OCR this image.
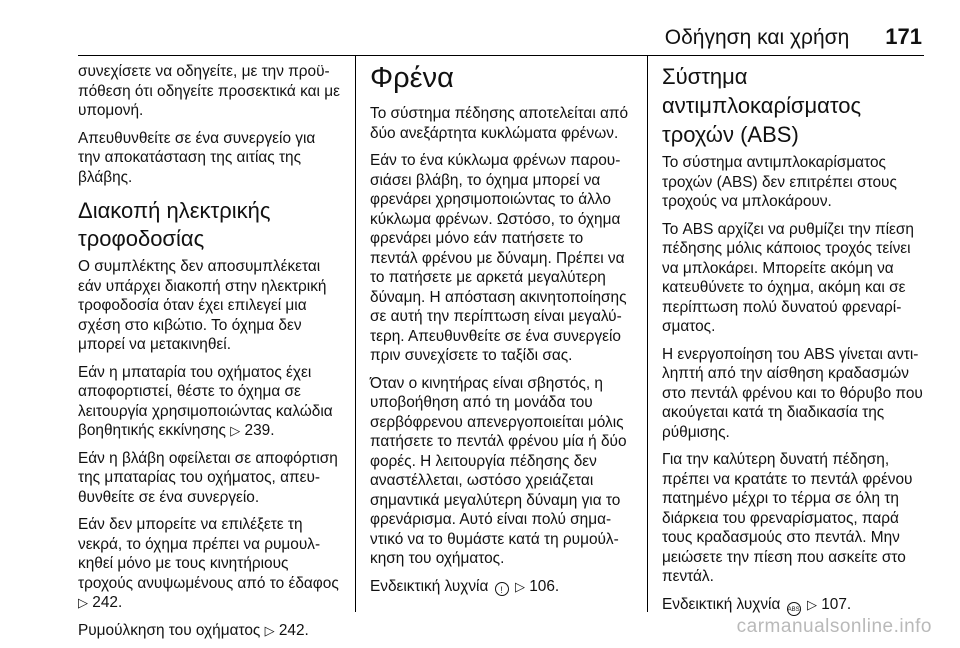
Οδήγηση και χρήση 171

συνεχίσετε να οδηγείτε, με την προϋ-πόθεση ότι οδηγείτε προσεκτικά και με υπομονή.

Απευθυνθείτε σε ένα συνεργείο για την αποκατάσταση της αιτίας της βλάβης.

Διακοπή ηλεκτρικής τροφοδοσίας

Ο συμπλέκτης δεν αποσυμπλέκεται εάν υπάρχει διακοπή στην ηλεκτρική τροφοδοσία όταν έχει επιλεγεί μια σχέση στο κιβώτιο. Το όχημα δεν μπορεί να μετακινηθεί.

Εάν η μπαταρία του οχήματος έχει αποφορτιστεί, θέστε το όχημα σε λειτουργία χρησιμοποιώντας καλώδια βοηθητικής εκκίνησης ▷ 239.

Εάν η βλάβη οφείλεται σε αποφόρτιση της μπαταρίας του οχήματος, απευ-θυνθείτε σε ένα συνεργείο.

Εάν δεν μπορείτε να επιλέξετε τη νεκρά, το όχημα πρέπει να ρυμουλ-κηθεί μόνο με τους κινητήριους τροχούς ανυψωμένους από το έδαφος ▷ 242.

Ρυμούλκηση του οχήματος ▷ 242.

Φρένα

Το σύστημα πέδησης αποτελείται από δύο ανεξάρτητα κυκλώματα φρένων.

Εάν το ένα κύκλωμα φρένων παρου-σιάσει βλάβη, το όχημα μπορεί να φρενάρει χρησιμοποιώντας το άλλο κύκλωμα φρένων. Ωστόσο, το όχημα φρενάρει μόνο εάν πατήσετε το πεντάλ φρένου με δύναμη. Πρέπει να το πατήσετε με αρκετά μεγαλύτερη δύναμη. Η απόσταση ακινητοποίησης σε αυτή την περίπτωση είναι μεγαλύ-τερη. Απευθυνθείτε σε ένα συνεργείο πριν συνεχίσετε το ταξίδι σας.

Όταν ο κινητήρας είναι σβηστός, η υποβοήθηση από τη μονάδα του σερβόφρενου απενεργοποιείται μόλις πατήσετε το πεντάλ φρένου μία ή δύο φορές. Η λειτουργία πέδησης δεν αναστέλλεται, ωστόσο χρειάζεται σημαντικά μεγαλύτερη δύναμη για το φρενάρισμα. Αυτό είναι πολύ σημα-ντικό να το θυμάστε κατά τη ρυμούλ-κηση του οχήματος.

Ενδεικτική λυχνία ! ▷ 106.

Σύστημα αντιμπλοκαρίσματος τροχών (ABS)

Το σύστημα αντιμπλοκαρίσματος τροχών (ABS) δεν επιτρέπει στους τροχούς να μπλοκάρουν.

Το ABS αρχίζει να ρυθμίζει την πίεση πέδησης μόλις κάποιος τροχός τείνει να μπλοκάρει. Μπορείτε ακόμη να κατευθύνετε το όχημα, ακόμη και σε περίπτωση πολύ δυνατού φρεναρί-σματος.

Η ενεργοποίηση του ABS γίνεται αντι-ληπτή από την αίσθηση κραδασμών στο πεντάλ φρένου και το θόρυβο που ακούγεται κατά τη διαδικασία της ρύθμισης.

Για την καλύτερη δυνατή πέδηση, πρέπει να κρατάτε το πεντάλ φρένου πατημένο μέχρι το τέρμα σε όλη τη διάρκεια του φρεναρίσματος, παρά τους κραδασμούς στο πεντάλ. Μην μειώσετε την πίεση που ασκείτε στο πεντάλ.

Ενδεικτική λυχνία ABS ▷ 107.

carmanualsonline.info
